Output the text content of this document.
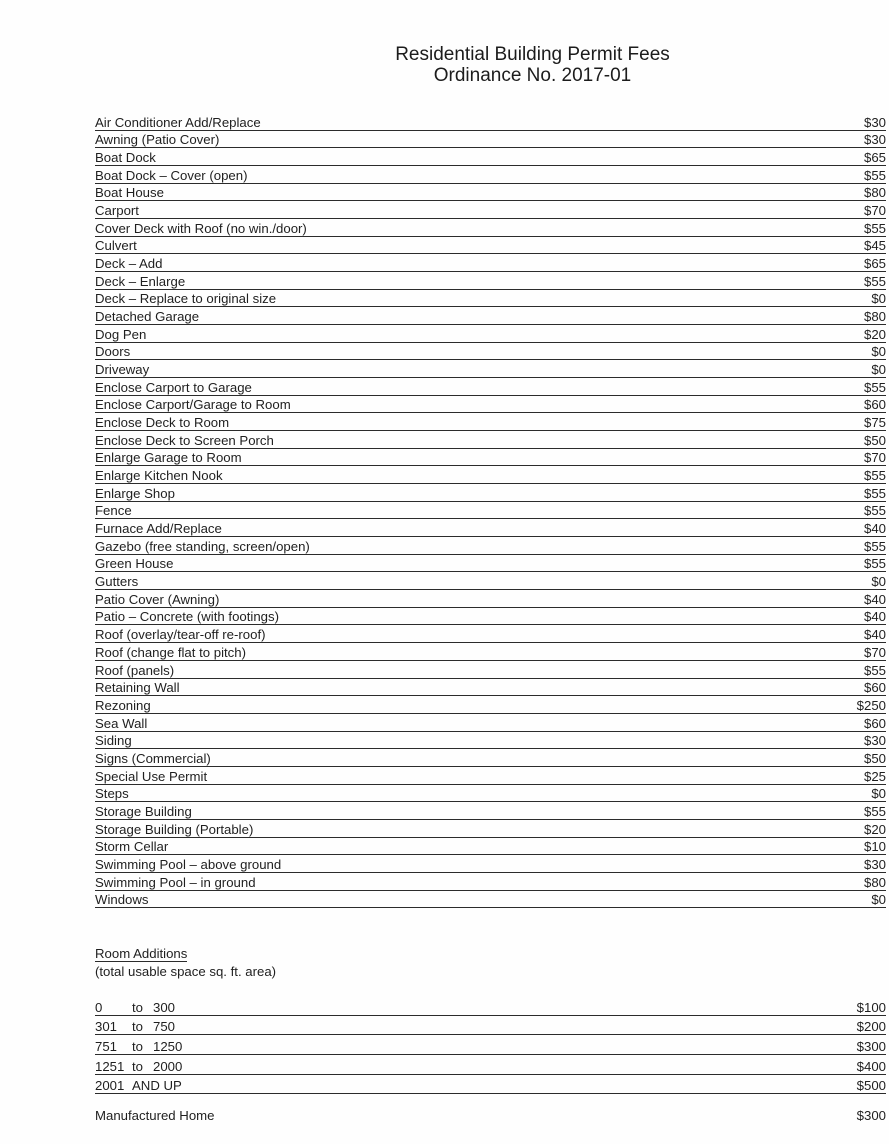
Residential Building Permit Fees
Ordinance No. 2017-01
Air Conditioner Add/Replace	$30
Awning (Patio Cover)	$30
Boat Dock	$65
Boat Dock – Cover (open)	$55
Boat House	$80
Carport	$70
Cover Deck with Roof (no win./door)	$55
Culvert	$45
Deck – Add	$65
Deck – Enlarge	$55
Deck – Replace to original size	$0
Detached Garage	$80
Dog Pen	$20
Doors	$0
Driveway	$0
Enclose Carport to Garage	$55
Enclose Carport/Garage to Room	$60
Enclose Deck to Room	$75
Enclose Deck to Screen Porch	$50
Enlarge Garage to Room	$70
Enlarge Kitchen Nook	$55
Enlarge Shop	$55
Fence	$55
Furnace Add/Replace	$40
Gazebo (free standing, screen/open)	$55
Green House	$55
Gutters	$0
Patio Cover (Awning)	$40
Patio – Concrete (with footings)	$40
Roof (overlay/tear-off re-roof)	$40
Roof (change flat to pitch)	$70
Roof (panels)	$55
Retaining Wall	$60
Rezoning	$250
Sea Wall	$60
Siding	$30
Signs (Commercial)	$50
Special Use Permit	$25
Steps	$0
Storage Building	$55
Storage Building (Portable)	$20
Storm Cellar	$10
Swimming Pool – above ground	$30
Swimming Pool – in ground	$80
Windows	$0
Room Additions
(total usable space sq. ft. area)
0	to 300	$100
301	to 750	$200
751	to 1250	$300
1251 to 2000	$400
2001 AND UP	$500
Manufactured Home	$300
